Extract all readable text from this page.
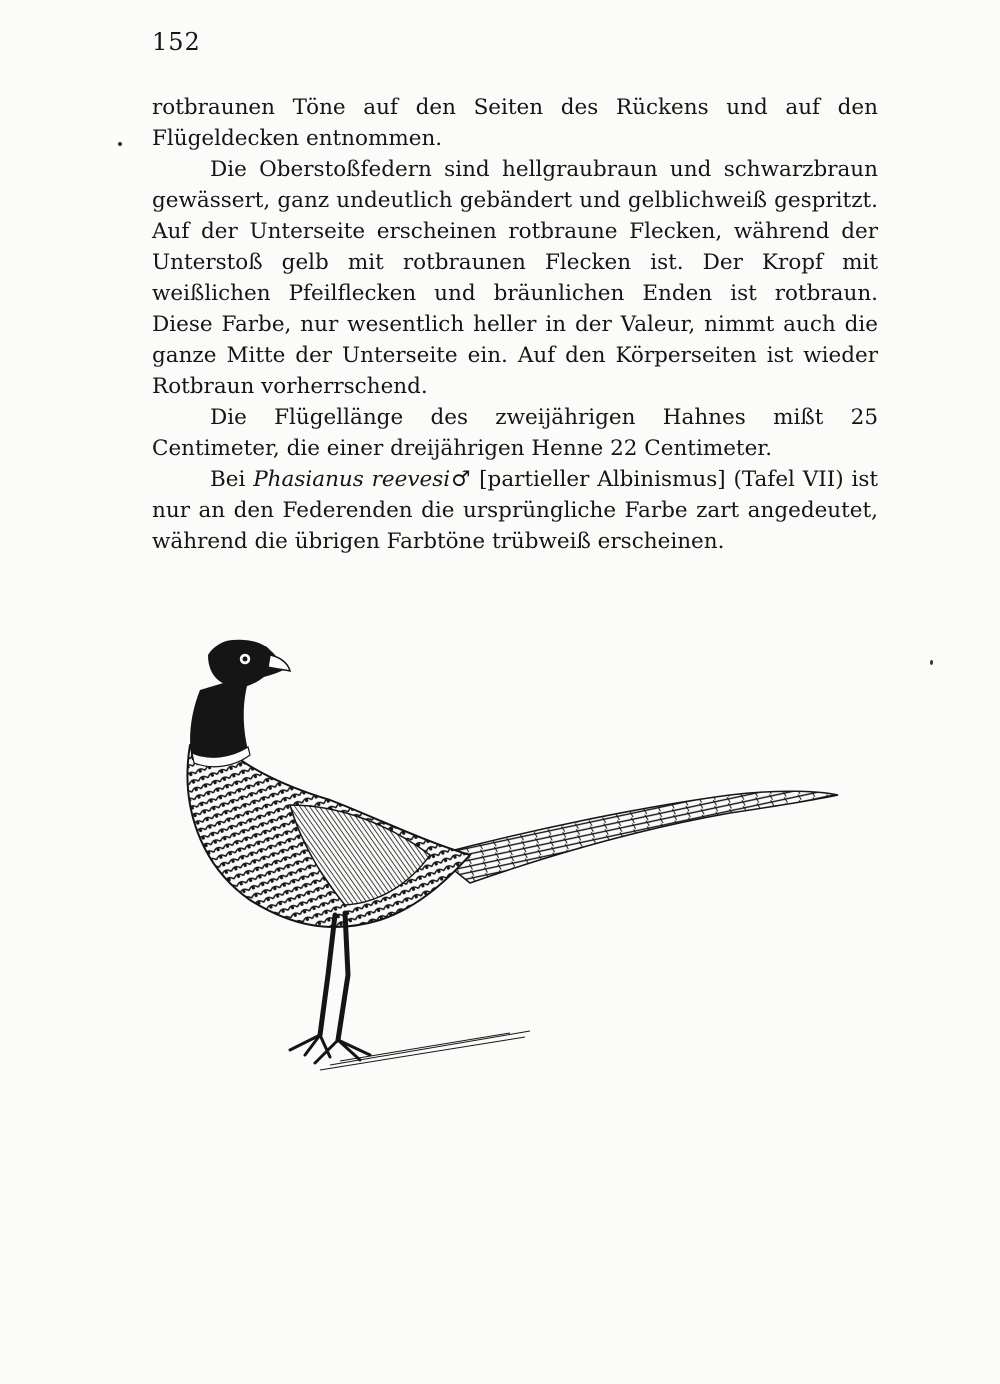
152

rotbraunen Töne auf den Seiten des Rückens und auf den Flügeldecken entnommen.

Die Oberstoßfedern sind hellgraubraun und schwarzbraun gewässert, ganz undeutlich gebändert und gelblichweiß gespritzt. Auf der Unterseite erscheinen rotbraune Flecken, während der Unterstoß gelb mit rotbraunen Flecken ist. Der Kropf mit weißlichen Pfeilflecken und bräunlichen Enden ist rotbraun. Diese Farbe, nur wesentlich heller in der Valeur, nimmt auch die ganze Mitte der Unterseite ein. Auf den Körperseiten ist wieder Rotbraun vorherrschend.

Die Flügellänge des zweijährigen Hahnes mißt 25 Centimeter, die einer dreijährigen Henne 22 Centimeter.

Bei Phasianus reevesi♂ [partieller Albinismus] (Tafel VII) ist nur an den Federenden die ursprüngliche Farbe zart angedeutet, während die übrigen Farbtöne trübweiß erscheinen.
